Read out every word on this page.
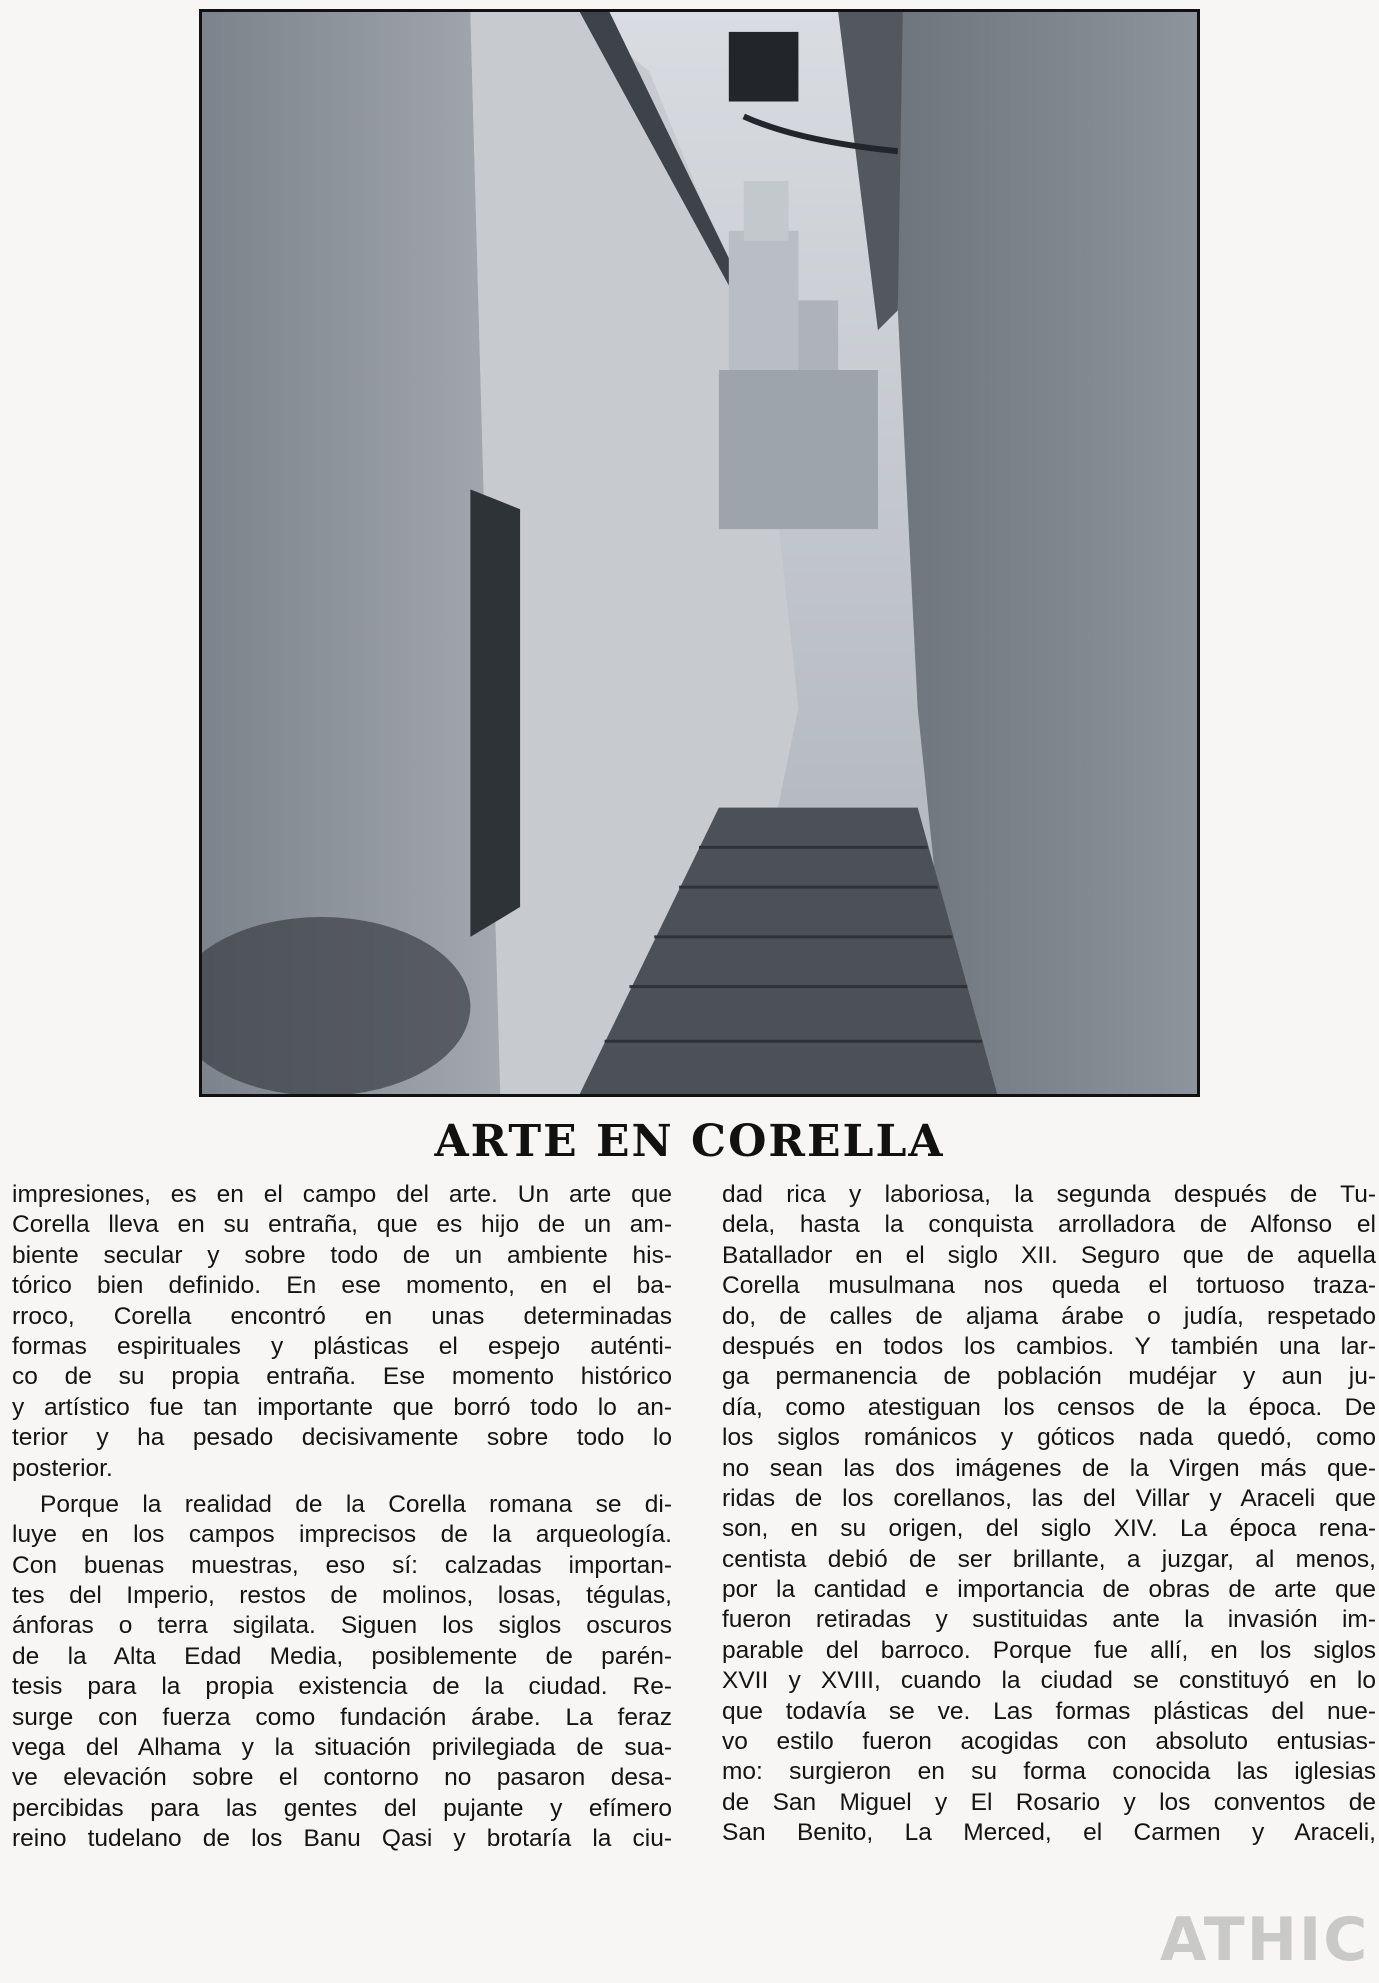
ARTE EN CORELLA
impresiones, es en el campo del arte. Un arte que
Corella lleva en su entraña, que es hijo de un am-
biente secular y sobre todo de un ambiente his-
tórico bien definido. En ese momento, en el ba-
rroco, Corella encontró en unas determinadas
formas espirituales y plásticas el espejo auténti-
co de su propia entraña. Ese momento histórico
y artístico fue tan importante que borró todo lo an-
terior y ha pesado decisivamente sobre todo lo
posterior.
Porque la realidad de la Corella romana se di-
luye en los campos imprecisos de la arqueología.
Con buenas muestras, eso sí: calzadas importan-
tes del Imperio, restos de molinos, losas, tégulas,
ánforas o terra sigilata. Siguen los siglos oscuros
de la Alta Edad Media, posiblemente de parén-
tesis para la propia existencia de la ciudad. Re-
surge con fuerza como fundación árabe. La feraz
vega del Alhama y la situación privilegiada de sua-
ve elevación sobre el contorno no pasaron desa-
percibidas para las gentes del pujante y efímero
reino tudelano de los Banu Qasi y brotaría la ciu-
dad rica y laboriosa, la segunda después de Tu-
dela, hasta la conquista arrolladora de Alfonso el
Batallador en el siglo XII. Seguro que de aquella
Corella musulmana nos queda el tortuoso traza-
do, de calles de aljama árabe o judía, respetado
después en todos los cambios. Y también una lar-
ga permanencia de población mudéjar y aun ju-
día, como atestiguan los censos de la época. De
los siglos románicos y góticos nada quedó, como
no sean las dos imágenes de la Virgen más que-
ridas de los corellanos, las del Villar y Araceli que
son, en su origen, del siglo XIV. La época rena-
centista debió de ser brillante, a juzgar, al menos,
por la cantidad e importancia de obras de arte que
fueron retiradas y sustituidas ante la invasión im-
parable del barroco. Porque fue allí, en los siglos
XVII y XVIII, cuando la ciudad se constituyó en lo
que todavía se ve. Las formas plásticas del nue-
vo estilo fueron acogidas con absoluto entusias-
mo: surgieron en su forma conocida las iglesias
de San Miguel y El Rosario y los conventos de
San Benito, La Merced, el Carmen y Araceli,
ATHIC
